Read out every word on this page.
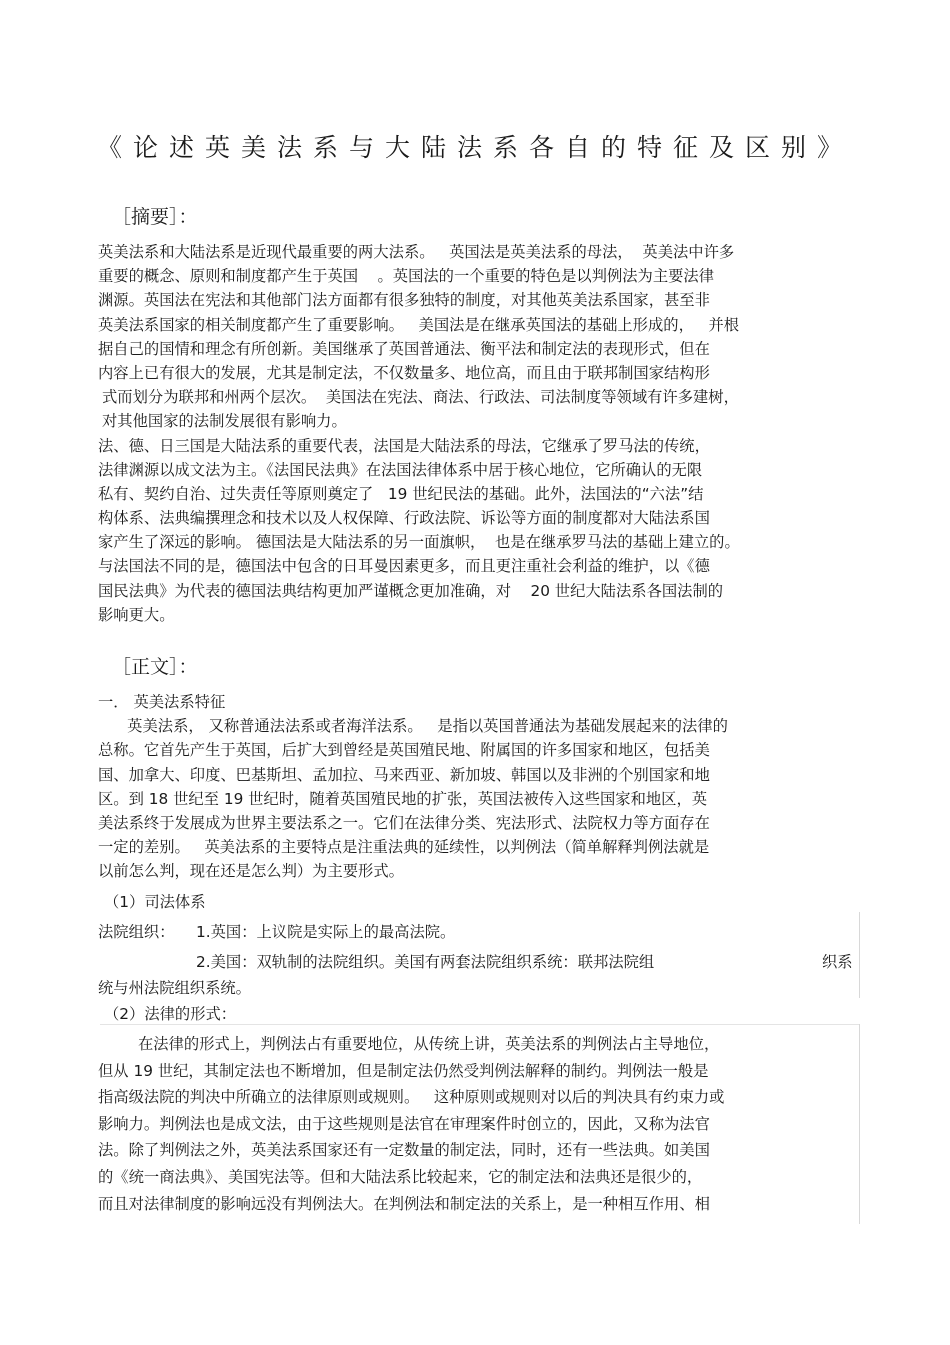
《论述英美法系与大陆法系各自的特征及区别》
［摘要］：
英美法系和大陆法系是近现代最重要的两大法系。   英国法是英美法系的母法，  英美法中许多
重要的概念、原则和制度都产生于英国    。英国法的一个重要的特色是以判例法为主要法律
渊源。英国法在宪法和其他部门法方面都有很多独特的制度，对其他英美法系国家，甚至非
英美法系国家的相关制度都产生了重要影响。   美国法是在继承英国法的基础上形成的，   并根
据自己的国情和理念有所创新。美国继承了英国普通法、衡平法和制定法的表现形式，但在
内容上已有很大的发展，尤其是制定法，不仅数量多、地位高，而且由于联邦制国家结构形
式而划分为联邦和州两个层次。  美国法在宪法、商法、行政法、司法制度等领域有许多建树，
对其他国家的法制发展很有影响力。
法、德、日三国是大陆法系的重要代表，法国是大陆法系的母法，它继承了罗马法的传统，
法律渊源以成文法为主。《法国民法典》在法国法律体系中居于核心地位，它所确认的无限
私有、契约自治、过失责任等原则奠定了   19 世纪民法的基础。此外，法国法的“六法”结
构体系、法典编撰理念和技术以及人权保障、行政法院、诉讼等方面的制度都对大陆法系国
家产生了深远的影响。 德国法是大陆法系的另一面旗帜，  也是在继承罗马法的基础上建立的。
与法国法不同的是，德国法中包含的日耳曼因素更多，而且更注重社会利益的维护，以《德
国民法典》为代表的德国法典结构更加严谨概念更加准确，对    20 世纪大陆法系各国法制的
影响更大。
［正文］：
一． 英美法系特征
英美法系， 又称普通法法系或者海洋法系。   是指以英国普通法为基础发展起来的法律的
总称。它首先产生于英国，后扩大到曾经是英国殖民地、附属国的许多国家和地区，包括美
国、加拿大、印度、巴基斯坦、孟加拉、马来西亚、新加坡、韩国以及非洲的个别国家和地
区。到 18 世纪至 19 世纪时，随着英国殖民地的扩张，英国法被传入这些国家和地区，英
美法系终于发展成为世界主要法系之一。它们在法律分类、宪法形式、法院权力等方面存在
一定的差别。   英美法系的主要特点是注重法典的延续性，以判例法（简单解释判例法就是
以前怎么判，现在还是怎么判）为主要形式。
（1）司法体系
法院组织： 1.英国：上议院是实际上的最高法院。
2.美国：双轨制的法院组织。美国有两套法院组织系统：联邦法院组	织系
统与州法院组织系统。
（2）法律的形式：
在法律的形式上，判例法占有重要地位，从传统上讲，英美法系的判例法占主导地位，
但从 19 世纪，其制定法也不断增加，但是制定法仍然受判例法解释的制约。判例法一般是
指高级法院的判决中所确立的法律原则或规则。   这种原则或规则对以后的判决具有约束力或
影响力。判例法也是成文法，由于这些规则是法官在审理案件时创立的，因此，又称为法官
法。除了判例法之外，英美法系国家还有一定数量的制定法，同时，还有一些法典。如美国
的《统一商法典》、美国宪法等。但和大陆法系比较起来，它的制定法和法典还是很少的，
而且对法律制度的影响远没有判例法大。在判例法和制定法的关系上，是一种相互作用、相
